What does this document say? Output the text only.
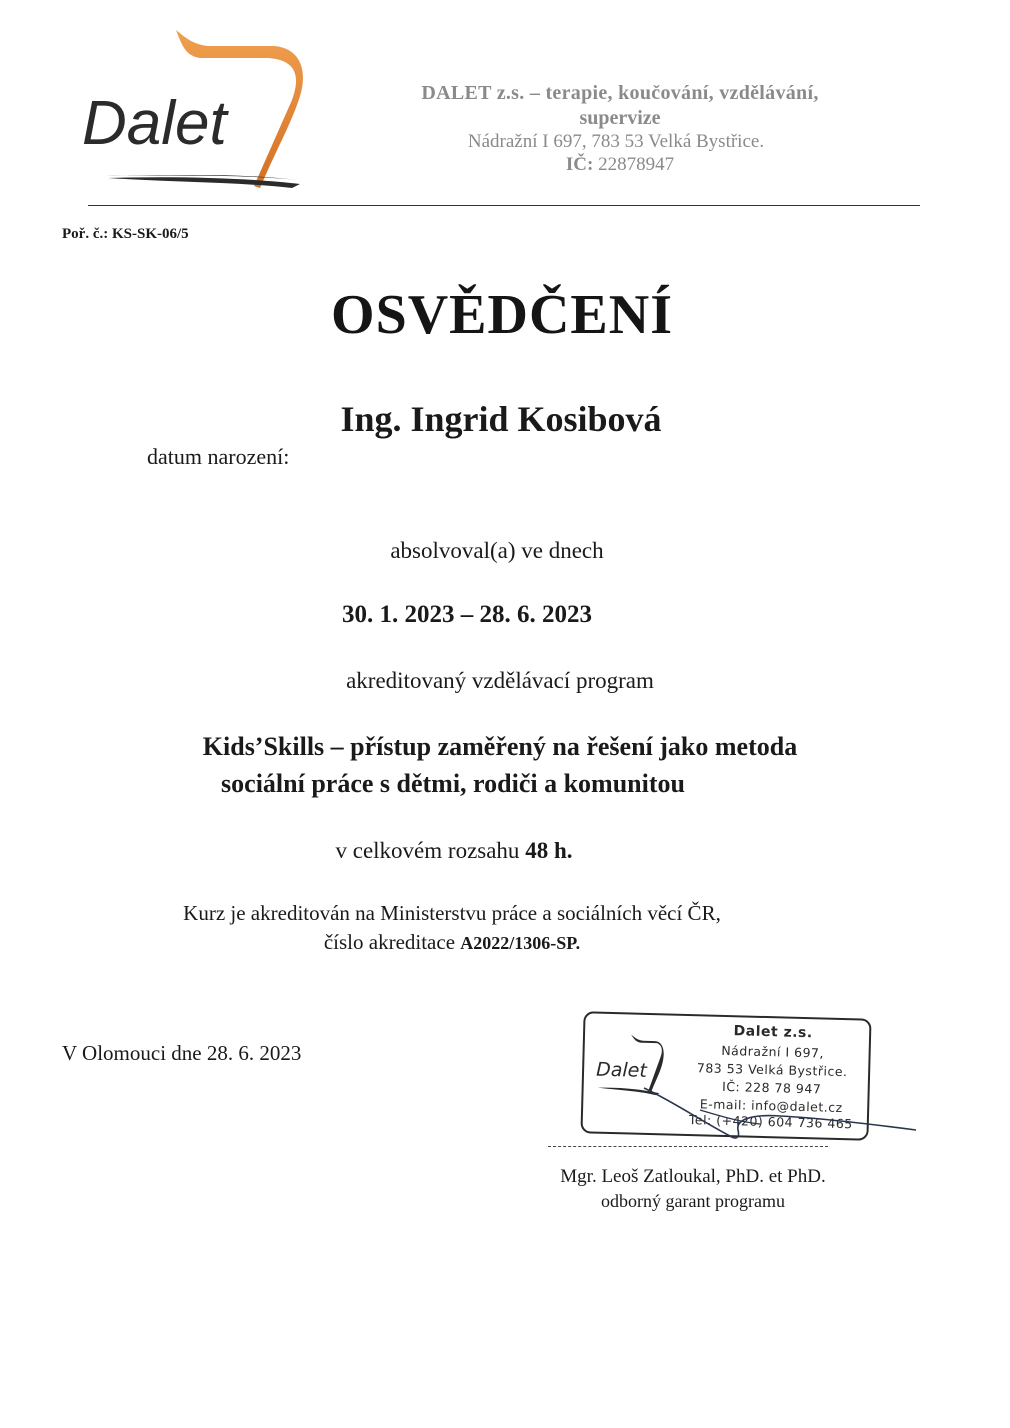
Dalet	DALET z.s. – terapie, koučování, vzdělávání,
supervize
Nádražní I 697, 783 53 Velká Bystřice.
IČ: 22878947
Poř. č.: KS-SK-06/5
OSVĚDČENÍ
Ing. Ingrid Kosibová
datum narození:
absolvoval(a) ve dnech
30. 1. 2023 – 28. 6. 2023
akreditovaný vzdělávací program
Kids’Skills – přístup zaměřený na řešení jako metoda
sociální práce s dětmi, rodiči a komunitou
v celkovém rozsahu 48 h.
Kurz je akreditován na Ministerstvu práce a sociálních věcí ČR,
číslo akreditace A2022/1306-SP.
V Olomouci dne 28. 6. 2023
Dalet
Dalet z.s.
Nádražní I 697,
783 53 Velká Bystřice.
IČ: 228 78 947
E-mail: info@dalet.cz
Tel: (+420) 604 736 465
Mgr. Leoš Zatloukal, PhD. et PhD.
odborný garant programu
